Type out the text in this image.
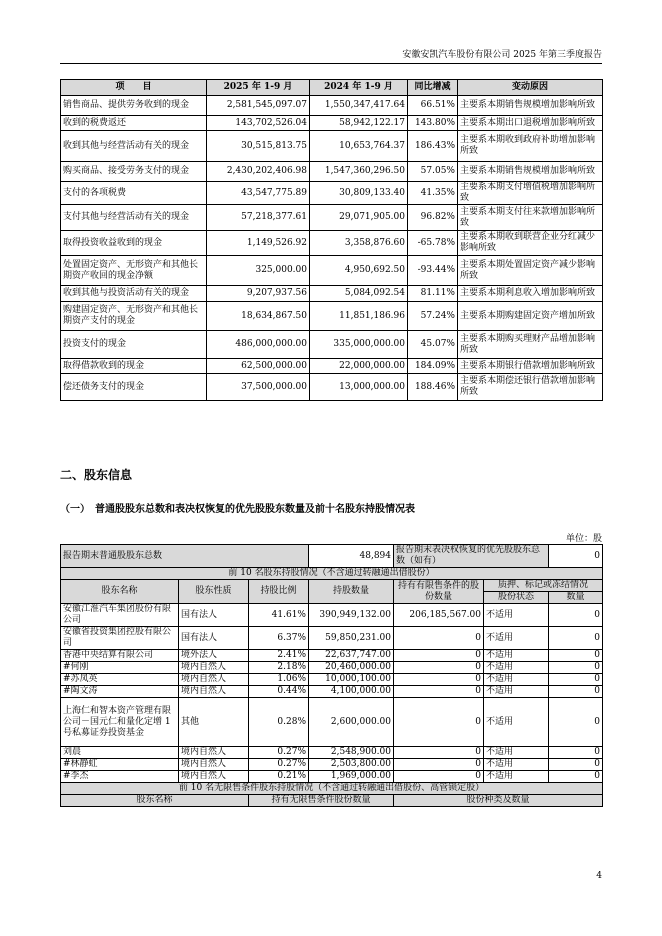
安徽安凯汽车股份有限公司 2025 年第三季度报告
项　　目	2025 年 1-9 月	2024 年 1-9 月	同比增减	变动原因
销售商品、提供劳务收到的现金	2,581,545,097.07	1,550,347,417.64	66.51%	主要系本期销售规模增加影响所致
收到的税费返还	143,702,526.04	58,942,122.17	143.80%	主要系本期出口退税增加影响所致
收到其他与经营活动有关的现金	30,515,813.75	10,653,764.37	186.43%	主要系本期收到政府补助增加影响所致
购买商品、接受劳务支付的现金	2,430,202,406.98	1,547,360,296.50	57.05%	主要系本期销售规模增加影响所致
支付的各项税费	43,547,775.89	30,809,133.40	41.35%	主要系本期支付增值税增加影响所致
支付其他与经营活动有关的现金	57,218,377.61	29,071,905.00	96.82%	主要系本期支付往来款增加影响所致
取得投资收益收到的现金	1,149,526.92	3,358,876.60	-65.78%	主要系本期收到联营企业分红减少影响所致
处置固定资产、无形资产和其他长期资产收回的现金净额	325,000.00	4,950,692.50	-93.44%	主要系本期处置固定资产减少影响所致
收到其他与投资活动有关的现金	9,207,937.56	5,084,092.54	81.11%	主要系本期利息收入增加影响所致
购建固定资产、无形资产和其他长期资产支付的现金	18,634,867.50	11,851,186.96	57.24%	主要系本期购建固定资产增加所致
投资支付的现金	486,000,000.00	335,000,000.00	45.07%	主要系本期购买理财产品增加影响所致
取得借款收到的现金	62,500,000.00	22,000,000.00	184.09%	主要系本期银行借款增加影响所致
偿还债务支付的现金	37,500,000.00	13,000,000.00	188.46%	主要系本期偿还银行借款增加影响所致
二、股东信息
（一）　普通股股东总数和表决权恢复的优先股股东数量及前十名股东持股情况表
单位：股
报告期末普通股股东总数			48,894	报告期末表决权恢复的优先股股东总数（如有）		0
前 10 名股东持股情况（不含通过转融通出借股份）						
股东名称	股东性质	持股比例	持股数量	持有有限售条件的股份数量	质押、标记或冻结情况	
					股份状态	数量
安徽江淮汽车集团股份有限公司	国有法人	41.61%	390,949,132.00	206,185,567.00	不适用	0
安徽省投资集团控股有限公司	国有法人	6.37%	59,850,231.00	0	不适用	0
香港中央结算有限公司	境外法人	2.41%	22,637,747.00	0	不适用	0
#何刚	境内自然人	2.18%	20,460,000.00	0	不适用	0
#苏凤英	境内自然人	1.06%	10,000,100.00	0	不适用	0
#陶文涛	境内自然人	0.44%	4,100,000.00	0	不适用	0
上海仁和智本资产管理有限公司－国元仁和量化定增 1 号私募证券投资基金	其他	0.28%	2,600,000.00	0	不适用	0
刘晨	境内自然人	0.27%	2,548,900.00	0	不适用	0
#林静虹	境内自然人	0.27%	2,503,800.00	0	不适用	0
#李杰	境内自然人	0.21%	1,969,000.00	0	不适用	0
前 10 名无限售条件股东持股情况（不含通过转融通出借股份、高管锁定股）						
股东名称		持有无限售条件股份数量		股份种类及数量		
4
